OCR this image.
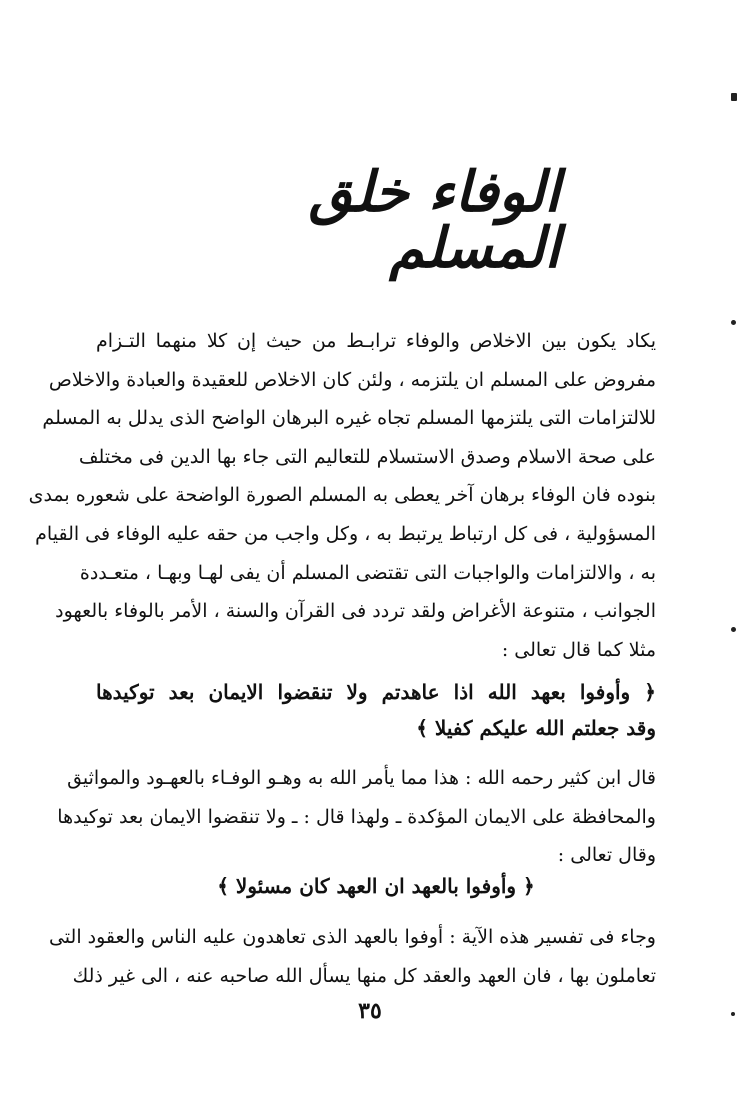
الوفاء خلق المسلم
يكاد يكون بين الاخلاص والوفاء ترابـط من حيث إن كلا منهما التـزام
مفروض على المسلم ان يلتزمه ، ولئن كان الاخلاص للعقيدة والعبادة والاخلاص
للالتزامات التى يلتزمها المسلم تجاه غيره البرهان الواضح الذى يدلل به المسلم
على صحة الاسلام وصدق الاستسلام للتعاليم التى جاء بها الدين فى مختلف
بنوده فان الوفاء برهان آخر يعطى به المسلم الصورة الواضحة على شعوره بمدى
المسؤولية ، فى كل ارتباط يرتبط به ، وكل واجب من حقه عليه الوفاء فى القيام
به ، والالتزامات والواجبات التى تقتضى المسلم أن يفى لهـا وبهـا ، متعـددة
الجوانب ، متنوعة الأغراض ولقد تردد فى القرآن والسنة ، الأمر بالوفاء بالعهود
مثلا كما قال تعالى :
﴿ وأوفوا بعهد الله اذا عاهدتم ولا تنقضوا الايمان بعد توكيدها
وقد جعلتم الله عليكم كفيلا ﴾
قال ابن كثير رحمه الله : هذا مما يأمر الله به وهـو الوفـاء بالعهـود والمواثيق
والمحافظة على الايمان المؤكدة ـ ولهذا قال : ـ ولا تنقضوا الايمان بعد توكيدها
وقال تعالى :
﴿ وأوفوا بالعهد ان العهد كان مسئولا ﴾
وجاء فى تفسير هذه الآية : أوفوا بالعهد الذى تعاهدون عليه الناس والعقود التى
تعاملون بها ، فان العهد والعقد كل منها يسأل الله صاحبه عنه ، الى غير ذلك
٣٥
